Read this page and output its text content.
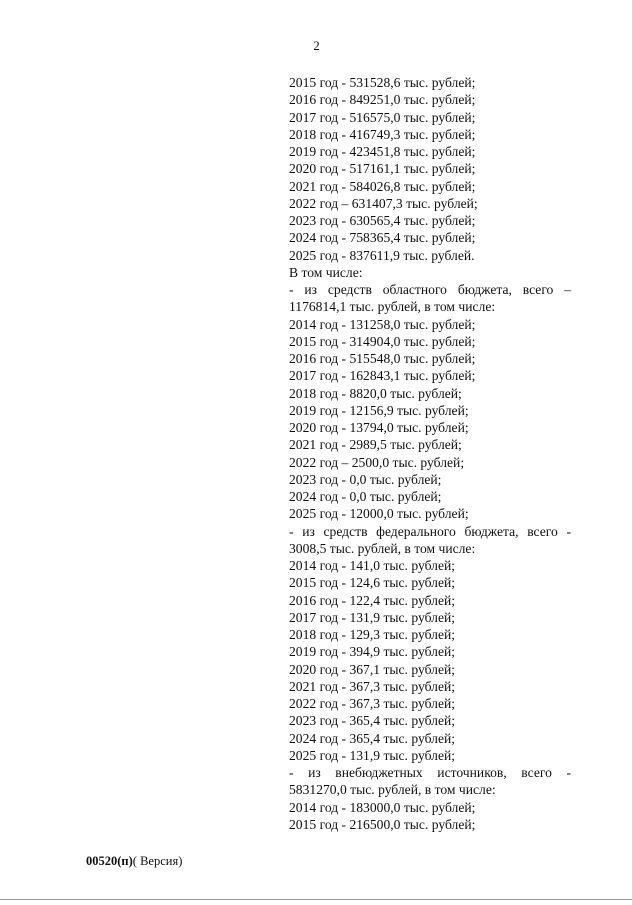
2
2015 год - 531528,6 тыс. рублей;
2016 год - 849251,0 тыс. рублей;
2017 год - 516575,0 тыс. рублей;
2018 год - 416749,3 тыс. рублей;
2019 год - 423451,8 тыс. рублей;
2020 год - 517161,1 тыс. рублей;
2021 год - 584026,8 тыс. рублей;
2022 год – 631407,3 тыс. рублей;
2023 год - 630565,4 тыс. рублей;
2024 год - 758365,4 тыс. рублей;
2025 год - 837611,9 тыс. рублей.
В том числе:
- из средств областного бюджета, всего –
1176814,1 тыс. рублей, в том числе:
2014 год - 131258,0 тыс. рублей;
2015 год - 314904,0 тыс. рублей;
2016 год - 515548,0 тыс. рублей;
2017 год - 162843,1 тыс. рублей;
2018 год - 8820,0 тыс. рублей;
2019 год - 12156,9 тыс. рублей;
2020 год - 13794,0 тыс. рублей;
2021 год - 2989,5 тыс. рублей;
2022 год – 2500,0 тыс. рублей;
2023 год - 0,0 тыс. рублей;
2024 год - 0,0 тыс. рублей;
2025 год - 12000,0 тыс. рублей;
- из средств федерального бюджета, всего -
3008,5 тыс. рублей, в том числе:
2014 год - 141,0 тыс. рублей;
2015 год - 124,6 тыс. рублей;
2016 год - 122,4 тыс. рублей;
2017 год - 131,9 тыс. рублей;
2018 год - 129,3 тыс. рублей;
2019 год - 394,9 тыс. рублей;
2020 год - 367,1 тыс. рублей;
2021 год - 367,3 тыс. рублей;
2022 год - 367,3 тыс. рублей;
2023 год - 365,4 тыс. рублей;
2024 год - 365,4 тыс. рублей;
2025 год - 131,9 тыс. рублей;
- из внебюджетных источников, всего -
5831270,0 тыс. рублей, в том числе:
2014 год - 183000,0 тыс. рублей;
2015 год - 216500,0 тыс. рублей;
00520(п)( Версия)
